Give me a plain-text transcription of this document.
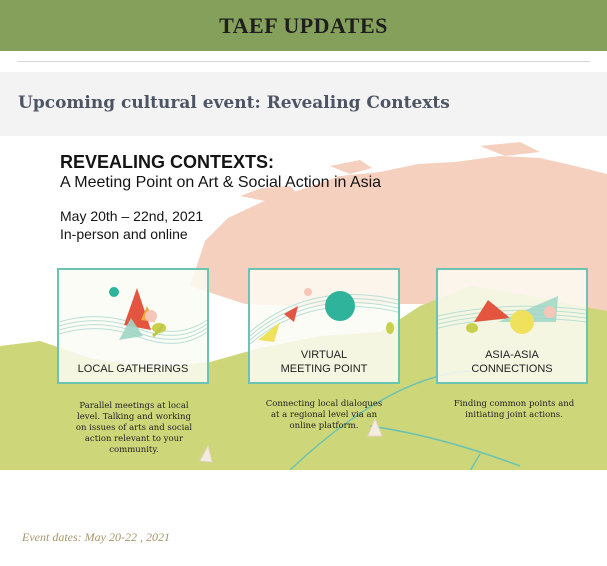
TAEF UPDATES
Upcoming cultural event: Revealing Contexts
REVEALING CONTEXTS:
A Meeting Point on Art & Social Action in Asia
May 20th – 22nd, 2021
In-person and online
LOCAL GATHERINGS
Parallel meetings at local level. Talking and working on issues of arts and social action relevant to your community.
VIRTUAL MEETING POINT
Connecting local dialoques at a regional level via an online platform.
ASIA-ASIA CONNECTIONS
Finding common points and initiating joint actions.
Event dates: May 20-22 , 2021
